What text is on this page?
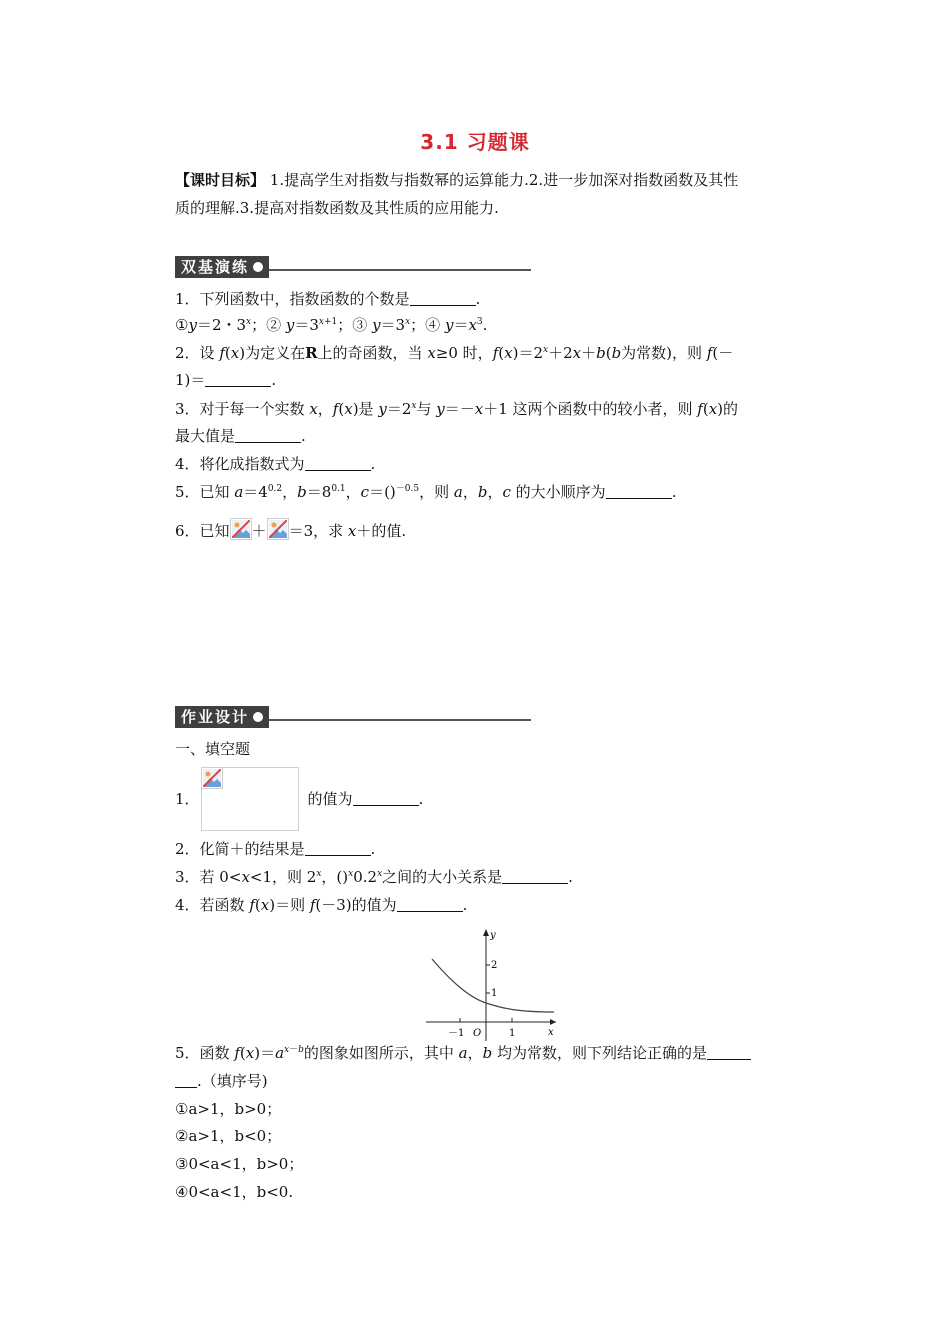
3.1 习题课
【课时目标】 1.提高学生对指数与指数幂的运算能力.2.进一步加深对指数函数及其性
质的理解.3.提高对指数函数及其性质的应用能力.
双基演练
1．下列函数中，指数函数的个数是	.
①y＝2・3$^x$；② $y=3^{x+1}$；③ $y=3^x$；④ $y=x^3$.
2．设 f(x)为定义在R上的奇函数，当 x≥0 时，$f(x)=2^x+2x+b(b$为常数)，则 f(－
1)＝	.
3．对于每一个实数 x，f(x)是 $y=2^x$与 y＝－x＋1 这两个函数中的较小者，则 f(x)的
最大值是	.
4．将化成指数式为	.
5．已知 $a=4^{0.2}$，$b=8^{0.1}$，c＝()$^{-0.5}$，则 a，b，c 的大小顺序为	.
6．已知 ＋ ＝3，求 x＋的值.
作业设计
一、填空题
1．	的值为	.
2．化简＋的结果是	.
3．若 0<x<1，则 2$^x$，()$^x$0.2$^x$之间的大小关系是	.
4．若函数 f(x)＝则 f(－3)的值为	.
y
x
O
－1	1
2
1
5．函数 $f(x)=a^{x-b}$的图象如图所示，其中 a，b 均为常数，则下列结论正确的是
.（填序号)
①a>1，b>0；
②a>1，b<0；
③0<a<1，b>0；
④0<a<1，b<0.
